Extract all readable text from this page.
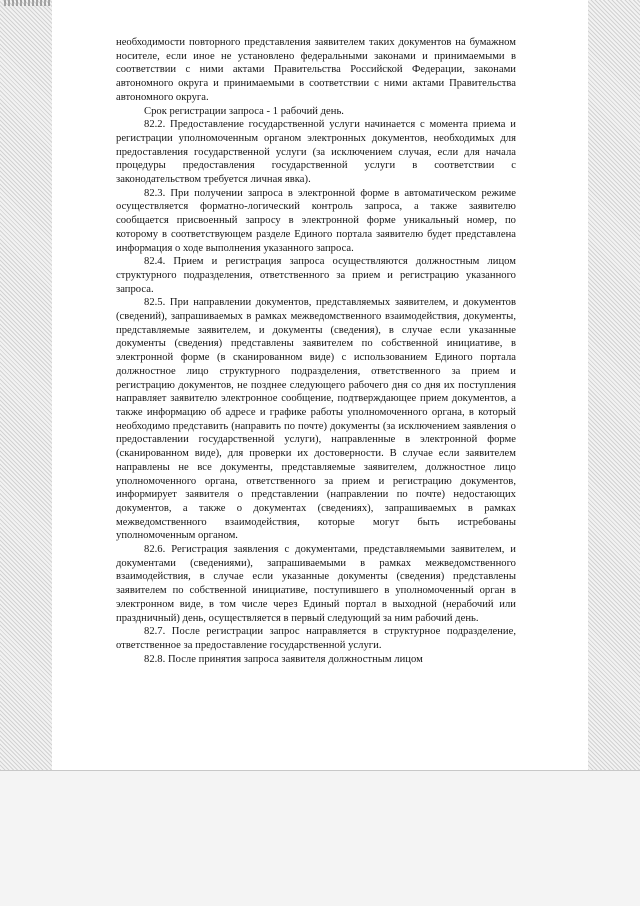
необходимости повторного представления заявителем таких документов на бумажном носителе, если иное не установлено федеральными законами и принимаемыми в соответствии с ними актами Правительства Российской Федерации, законами автономного округа и принимаемыми в соответствии с ними актами Правительства автономного округа.

Срок регистрации запроса - 1 рабочий день.

82.2. Предоставление государственной услуги начинается с момента приема и регистрации уполномоченным органом электронных документов, необходимых для предоставления государственной услуги (за исключением случая, если для начала процедуры предоставления государственной услуги в соответствии с законодательством требуется личная явка).

82.3. При получении запроса в электронной форме в автоматическом режиме осуществляется форматно-логический контроль запроса, а также заявителю сообщается присвоенный запросу в электронной форме уникальный номер, по которому в соответствующем разделе Единого портала заявителю будет представлена информация о ходе выполнения указанного запроса.

82.4. Прием и регистрация запроса осуществляются должностным лицом структурного подразделения, ответственного за прием и регистрацию указанного запроса.

82.5. При направлении документов, представляемых заявителем, и документов (сведений), запрашиваемых в рамках межведомственного взаимодействия, документы, представляемые заявителем, и документы (сведения), в случае если указанные документы (сведения) представлены заявителем по собственной инициативе, в электронной форме (в сканированном виде) с использованием Единого портала должностное лицо структурного подразделения, ответственного за прием и регистрацию документов, не позднее следующего рабочего дня со дня их поступления направляет заявителю электронное сообщение, подтверждающее прием документов, а также информацию об адресе и графике работы уполномоченного органа, в который необходимо представить (направить по почте) документы (за исключением заявления о предоставлении государственной услуги), направленные в электронной форме (сканированном виде), для проверки их достоверности. В случае если заявителем направлены не все документы, представляемые заявителем, должностное лицо уполномоченного органа, ответственного за прием и регистрацию документов, информирует заявителя о представлении (направлении по почте) недостающих документов, а также о документах (сведениях), запрашиваемых в рамках межведомственного взаимодействия, которые могут быть истребованы уполномоченным органом.

82.6. Регистрация заявления с документами, представляемыми заявителем, и документами (сведениями), запрашиваемыми в рамках межведомственного взаимодействия, в случае если указанные документы (сведения) представлены заявителем по собственной инициативе, поступившего в уполномоченный орган в электронном виде, в том числе через Единый портал в выходной (нерабочий или праздничный) день, осуществляется в первый следующий за ним рабочий день.

82.7. После регистрации запрос направляется в структурное подразделение, ответственное за предоставление государственной услуги.

82.8. После принятия запроса заявителя должностным лицом
